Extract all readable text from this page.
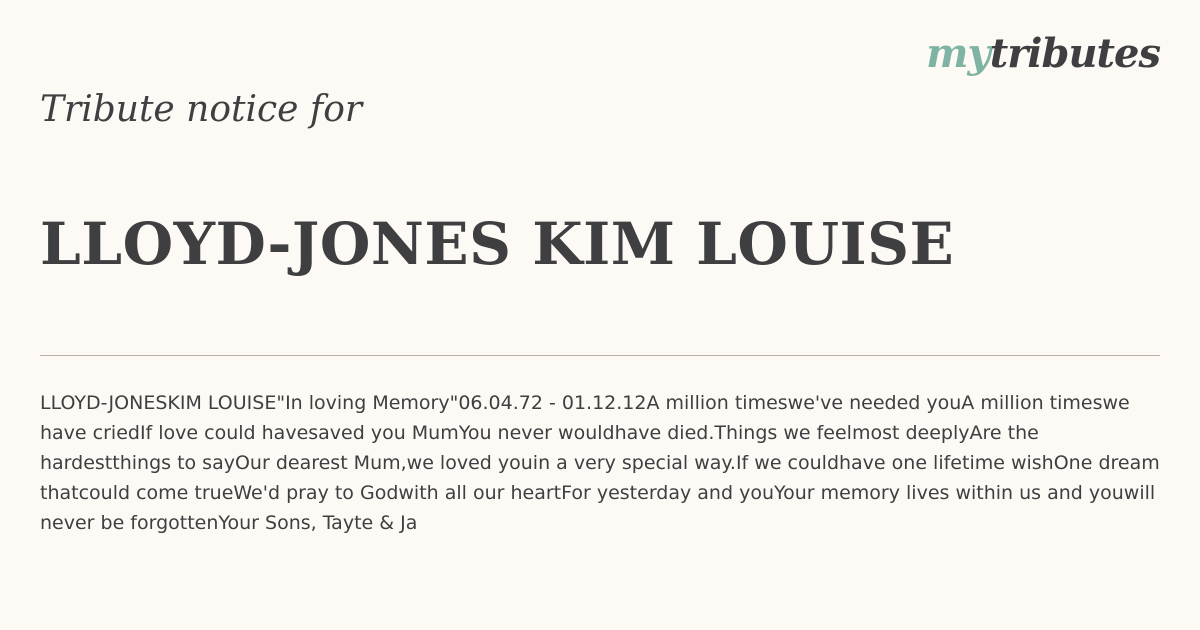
mytributes
Tribute notice for
LLOYD-JONES KIM LOUISE

LLOYD-JONESKIM LOUISE"In loving Memory"06.04.72 - 01.12.12A million timeswe've needed youA million timeswe have criedIf love could havesaved you MumYou never wouldhave died.Things we feelmost deeplyAre the hardestthings to sayOur dearest Mum,we loved youin a very special way.If we couldhave one lifetime wishOne dream thatcould come trueWe'd pray to Godwith all our heartFor yesterday and youYour memory lives within us and youwill never be forgottenYour Sons, Tayte & Ja
